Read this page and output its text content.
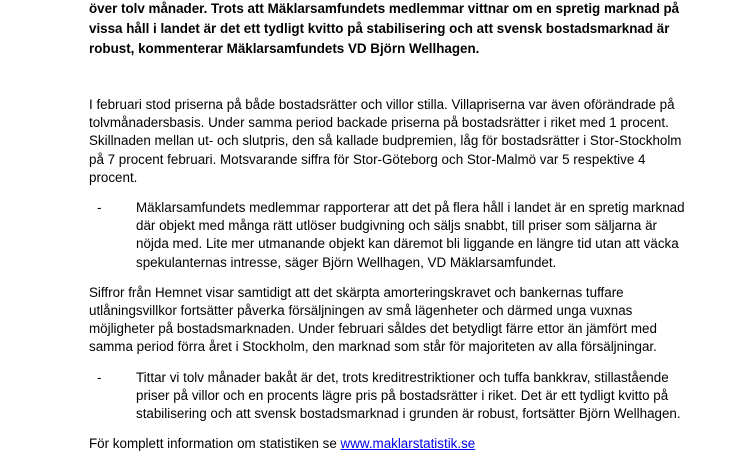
över tolv månader. Trots att Mäklarsamfundets medlemmar vittnar om en spretig marknad på vissa håll i landet är det ett tydligt kvitto på stabilisering och att svensk bostadsmarknad är robust, kommenterar Mäklarsamfundets VD Björn Wellhagen.

I februari stod priserna på både bostadsrätter och villor stilla. Villapriserna var även oförändrade på tolvmånadersbasis. Under samma period backade priserna på bostadsrätter i riket med 1 procent. Skillnaden mellan ut- och slutpris, den så kallade budpremien, låg för bostadsrätter i Stor-Stockholm på 7 procent februari. Motsvarande siffra för Stor-Göteborg och Stor-Malmö var 5 respektive 4 procent.

-	Mäklarsamfundets medlemmar rapporterar att det på flera håll i landet är en spretig marknad där objekt med många rätt utlöser budgivning och säljs snabbt, till priser som säljarna är nöjda med. Lite mer utmanande objekt kan däremot bli liggande en längre tid utan att väcka spekulanternas intresse, säger Björn Wellhagen, VD Mäklarsamfundet.

Siffror från Hemnet visar samtidigt att det skärpta amorteringskravet och bankernas tuffare utlåningsvillkor fortsätter påverka försäljningen av små lägenheter och därmed unga vuxnas möjligheter på bostadsmarknaden. Under februari såldes det betydligt färre ettor än jämfört med samma period förra året i Stockholm, den marknad som står för majoriteten av alla försäljningar.

-	Tittar vi tolv månader bakåt är det, trots kreditrestriktioner och tuffa bankkrav, stillastående priser på villor och en procents lägre pris på bostadsrätter i riket. Det är ett tydligt kvitto på stabilisering och att svensk bostadsmarknad i grunden är robust, fortsätter Björn Wellhagen.

För komplett information om statistiken se www.maklarstatistik.se
